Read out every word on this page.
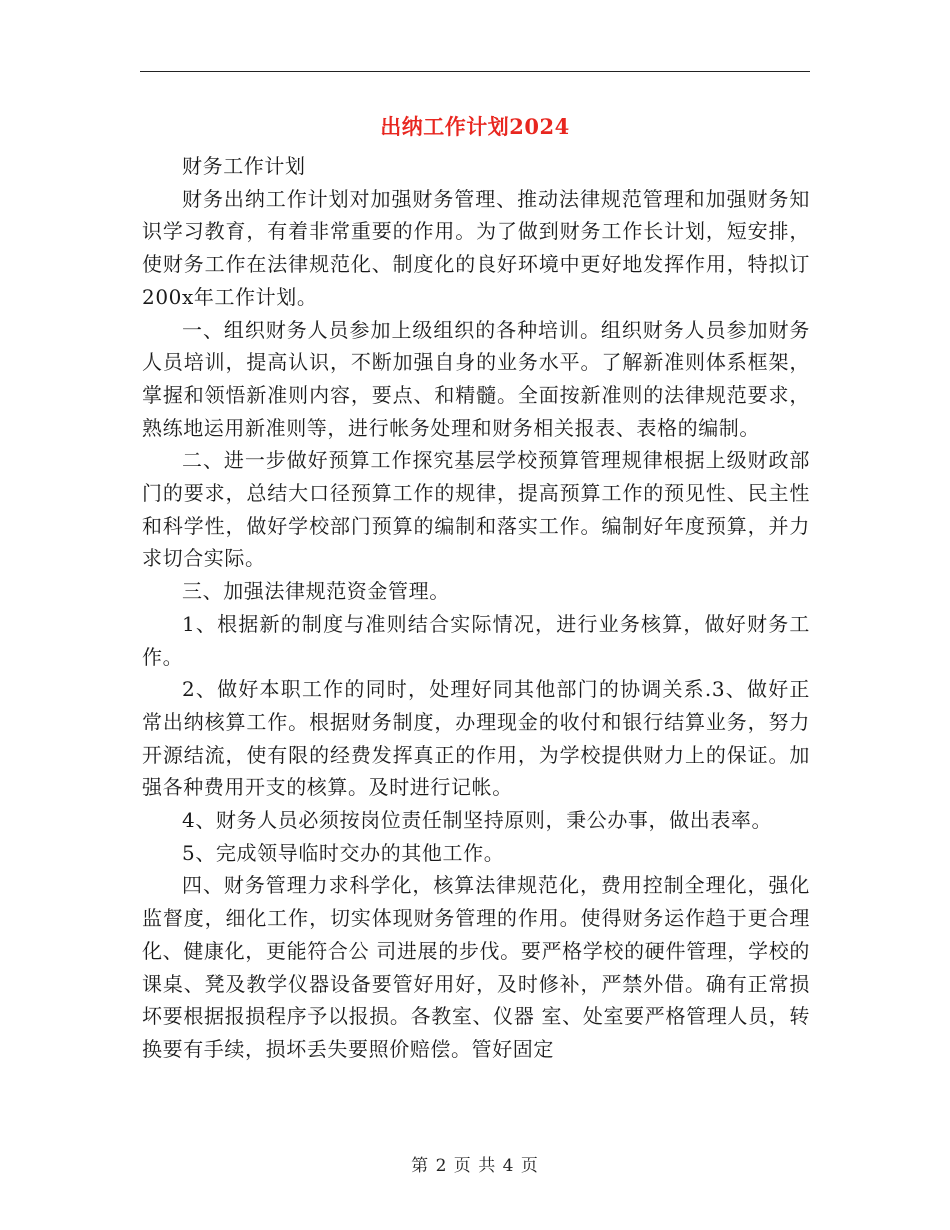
出纳工作计划2024

财务工作计划

财务出纳工作计划对加强财务管理、推动法律规范管理和加强财务知识学习教育，有着非常重要的作用。为了做到财务工作长计划，短安排，使财务工作在法律规范化、制度化的良好环境中更好地发挥作用，特拟订200x年工作计划。

一、组织财务人员参加上级组织的各种培训。组织财务人员参加财务人员培训，提高认识，不断加强自身的业务水平。了解新准则体系框架，掌握和领悟新准则内容，要点、和精髓。全面按新准则的法律规范要求，熟练地运用新准则等，进行帐务处理和财务相关报表、表格的编制。

二、进一步做好预算工作探究基层学校预算管理规律根据上级财政部门的要求，总结大口径预算工作的规律，提高预算工作的预见性、民主性和科学性，做好学校部门预算的编制和落实工作。编制好年度预算，并力求切合实际。

三、加强法律规范资金管理。

1、根据新的制度与准则结合实际情况，进行业务核算，做好财务工作。

2、做好本职工作的同时，处理好同其他部门的协调关系.3、做好正常出纳核算工作。根据财务制度，办理现金的收付和银行结算业务，努力开源结流，使有限的经费发挥真正的作用，为学校提供财力上的保证。加强各种费用开支的核算。及时进行记帐。

4、财务人员必须按岗位责任制坚持原则，秉公办事，做出表率。

5、完成领导临时交办的其他工作。

四、财务管理力求科学化，核算法律规范化，费用控制全理化，强化监督度，细化工作，切实体现财务管理的作用。使得财务运作趋于更合理化、健康化，更能符合公 司进展的步伐。要严格学校的硬件管理，学校的课桌、凳及教学仪器设备要管好用好，及时修补，严禁外借。确有正常损坏要根据报损程序予以报损。各教室、仪器 室、处室要严格管理人员，转换要有手续，损坏丢失要照价赔偿。管好固定

第 2 页 共 4 页
